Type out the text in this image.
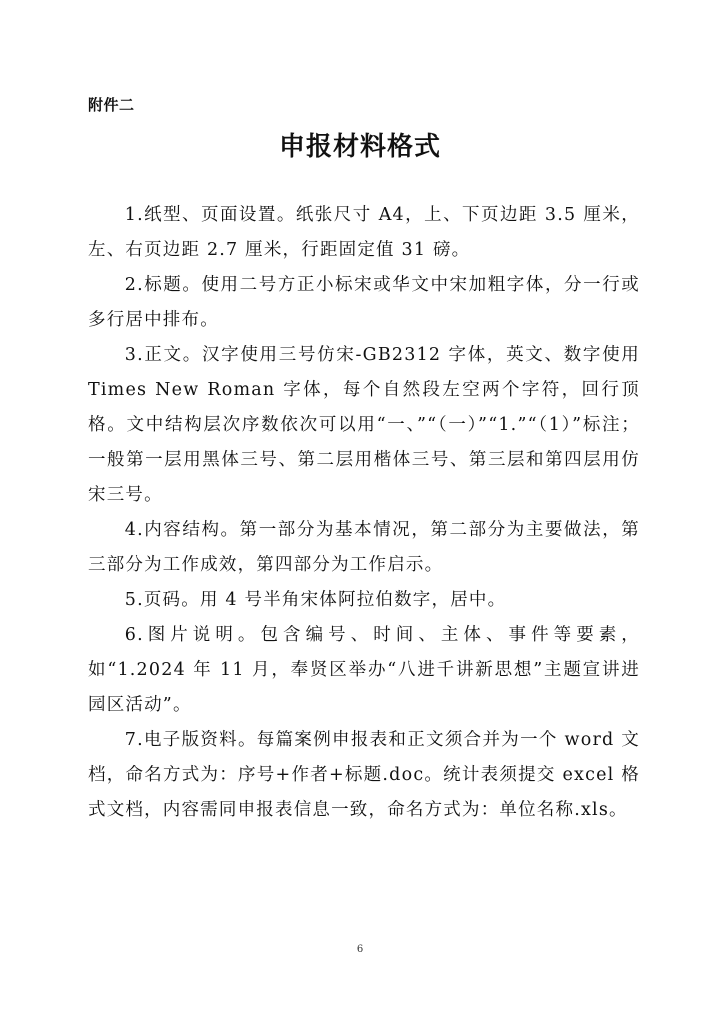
附件二
申报材料格式

1.纸型、页面设置。纸张尺寸 A4，上、下页边距 3.5 厘米，左、右页边距 2.7 厘米，行距固定值 31 磅。

2.标题。使用二号方正小标宋或华文中宋加粗字体，分一行或多行居中排布。

3.正文。汉字使用三号仿宋-GB2312 字体，英文、数字使用 Times New Roman 字体，每个自然段左空两个字符，回行顶格。文中结构层次序数依次可以用“一、”“（一）”“1.”“（1）”标注；一般第一层用黑体三号、第二层用楷体三号、第三层和第四层用仿宋三号。

4.内容结构。第一部分为基本情况，第二部分为主要做法，第三部分为工作成效，第四部分为工作启示。

5.页码。用 4 号半角宋体阿拉伯数字，居中。

6.图片说明。包含编号、时间、主体、事件等要素，如“1.2024 年 11 月，奉贤区举办“八进千讲新思想”主题宣讲进园区活动”。

7.电子版资料。每篇案例申报表和正文须合并为一个 word 文档，命名方式为：序号+作者+标题.doc。统计表须提交 excel 格式文档，内容需同申报表信息一致，命名方式为：单位名称.xls。

6
